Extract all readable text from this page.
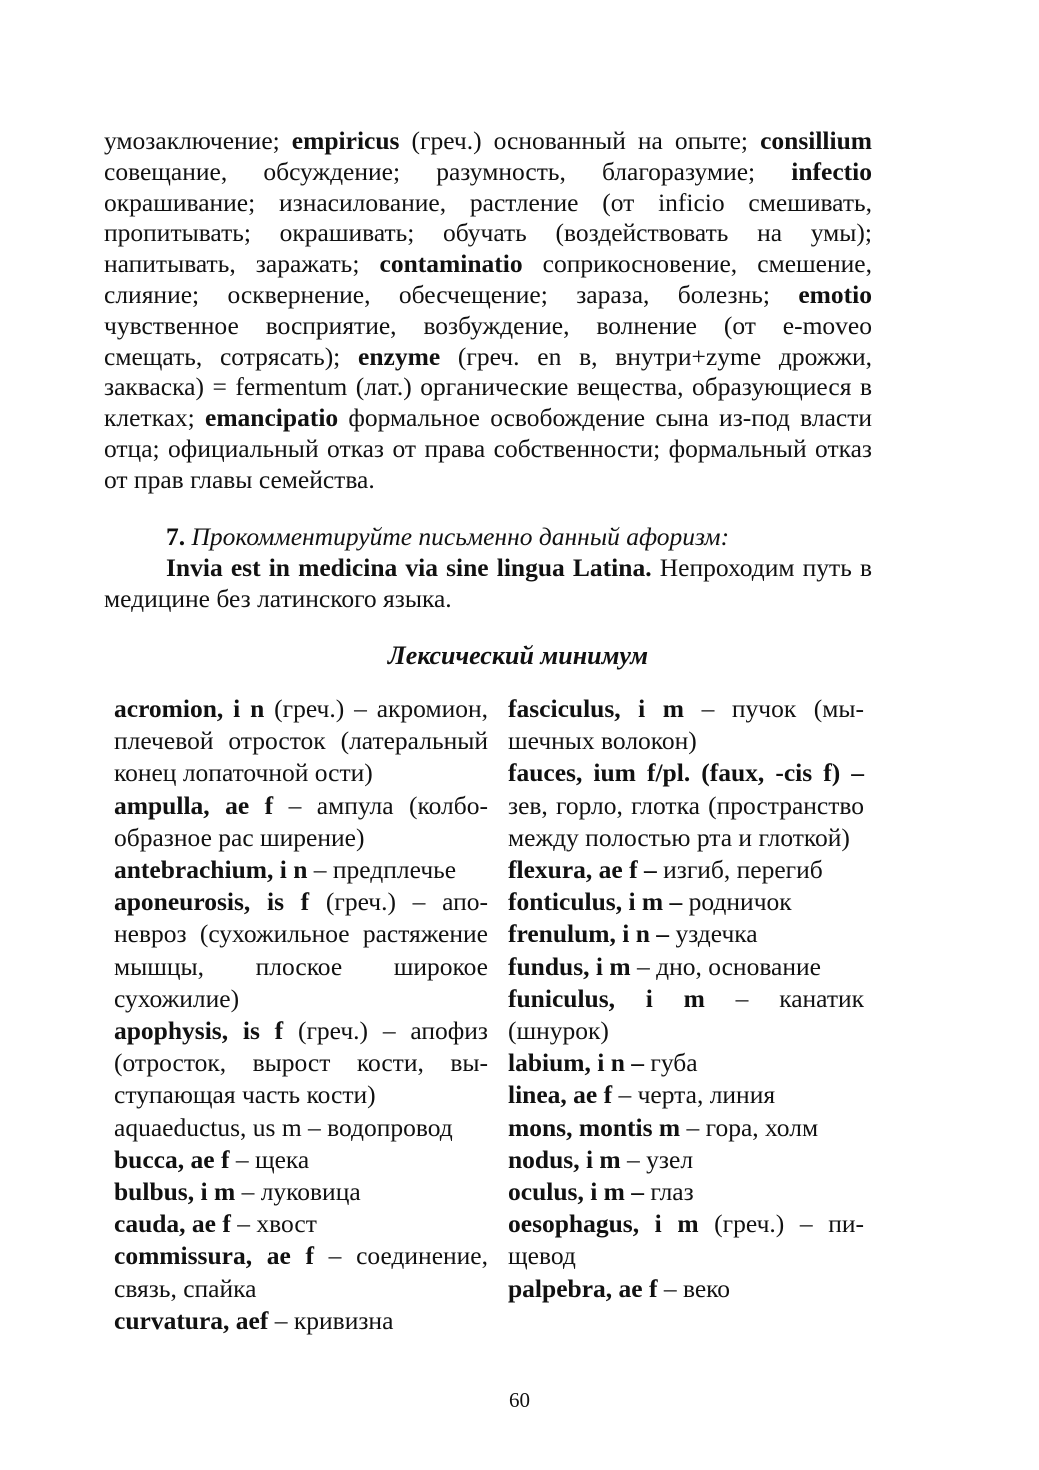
умозаключение; empiricus (греч.) основанный на опыте; consillium совещание, обсуждение; разумность, благоразумие; infectio окрашивание; изнасилование, растление (от inficio смешивать, пропитывать; окрашивать; обучать (воздействовать на умы); напитывать, заражать; contaminatio соприкосновение, смешение, слияние; осквернение, обесчещение; зараза, болезнь; emotio чувственное восприятие, возбуждение, волнение (от e-moveo смещать, сотрясать); enzyme (греч. en в, внутри+zyme дрожжи, закваска) = fermentum (лат.) органические вещества, образующиеся в клетках; emancipatio формальное освобождение сына из-под власти отца; официальный отказ от права собственности; формальный отказ от прав главы семейства.
7. Прокомментируйте письменно данный афоризм:
Invia est in medicina via sine lingua Latina. Непроходим путь в медицине без латинского языка.
Лексический минимум
acromion, i n (греч.) – акромион, плечевой отросток (латеральный конец лопаточной ости)
ampulla, ae f – ампула (колбообразное рас ширение)
antebrachium, i n – предплечье
aponeurosis, is f (греч.) – апоневроз (сухожильное растяжение мышцы, плоское широкое сухожилие)
apophysis, is f (греч.) – апофиз (отросток, вырост кости, выступающая часть кости)
aquaeductus, us m – водопровод
bucca, ae f – щека
bulbus, i m – луковица
cauda, ae f – хвост
commissura, ae f – соединение, связь, спайка
curvatura, aef – кривизна
fasciculus, i m – пучок (мышечных волокон)
fauces, ium f/pl. (faux, -cis f) – зев, горло, глотка (пространство между полостью рта и глоткой)
flexura, ae f – изгиб, перегиб
fonticulus, i m – родничок
frenulum, i n – уздечка
fundus, i m – дно, основание
funiculus, i m – канатик (шнурок)
labium, i n – губа
linea, ae f – черта, линия
mons, montis m – гора, холм
nodus, i m – узел
oculus, i m – глаз
oesophagus, i m (греч.) – пищевод
palpebra, ae f – веко
60
